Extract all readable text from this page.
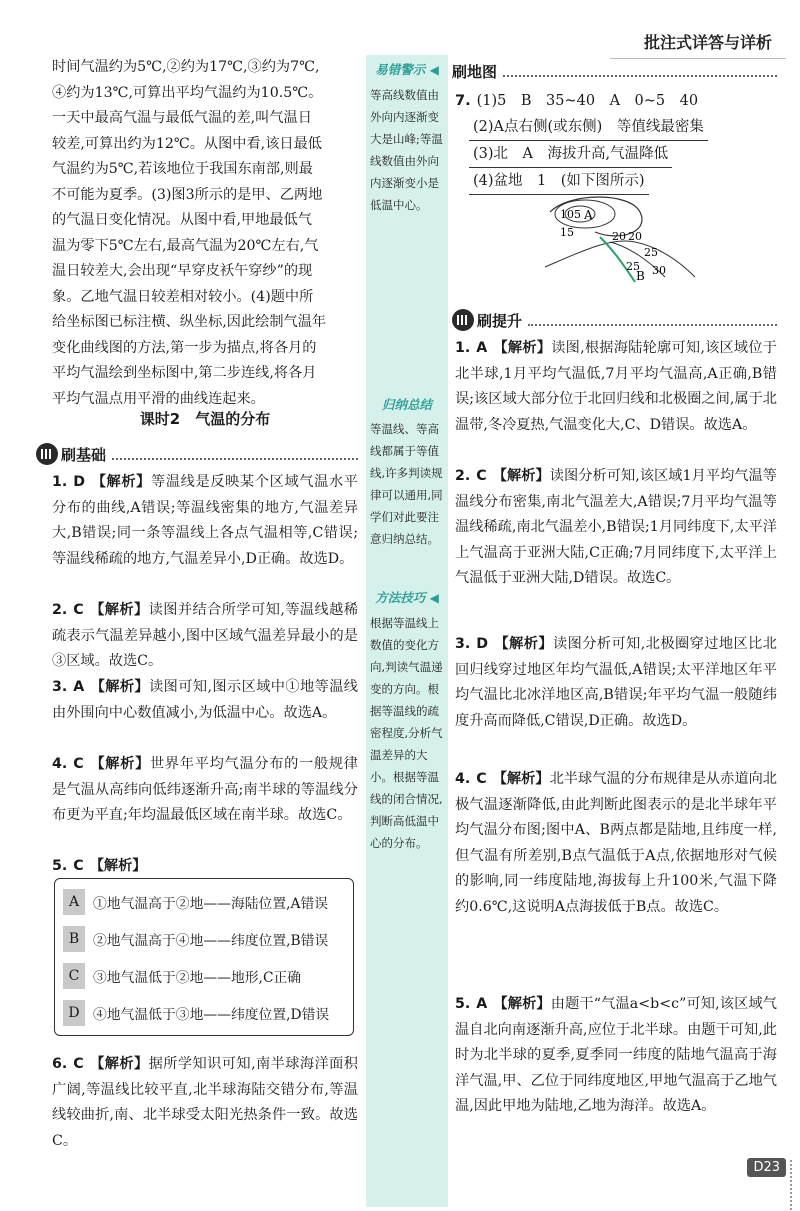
批注式详答与详析
易错警示 ◀
等高线数值由外向内逐渐变大是山峰;等温线数值由外向内逐渐变小是低温中心。
归纳总结
等温线、等高线都属于等值线,许多判读规律可以通用,同学们对此要注意归纳总结。
方法技巧 ◀
根据等温线上数值的变化方向,判读气温递变的方向。根据等温线的疏密程度,分析气温差异的大小。根据等温线的闭合情况,判断高低温中心的分布。

时间气温约为5℃,②约为17℃,③约为7℃,

④约为13℃,可算出平均气温约为10.5℃。

一天中最高气温与最低气温的差,叫气温日

较差,可算出约为12℃。从图中看,该日最低

气温约为5℃,若该地位于我国东南部,则最

不可能为夏季。(3)图3所示的是甲、乙两地

的气温日变化情况。从图中看,甲地最低气

温为零下5℃左右,最高气温为20℃左右,气

温日较差大,会出现“早穿皮袄午穿纱”的现

象。乙地气温日较差相对较小。(4)题中所

给坐标图已标注横、纵坐标,因此绘制气温年

变化曲线图的方法,第一步为描点,将各月的

平均气温绘到坐标图中,第二步连线,将各月

平均气温点用平滑的曲线连起来。

课时2　气温的分布
刷基础
1. D 【解析】等温线是反映某个区域气温水平分布的曲线,A错误;等温线密集的地方,气温差异大,B错误;同一条等温线上各点气温相等,C错误;等温线稀疏的地方,气温差异小,D正确。故选D。
2. C 【解析】读图并结合所学可知,等温线越稀疏表示气温差异越小,图中区域气温差异最小的是③区域。故选C。
3. A 【解析】读图可知,图示区域中①地等温线由外围向中心数值减小,为低温中心。故选A。
4. C 【解析】世界年平均气温分布的一般规律是气温从高纬向低纬逐渐升高;南半球的等温线分布更为平直;年均温最低区域在南半球。故选C。
5. C 【解析】
A	①地气温高于②地——海陆位置,A错误
B	②地气温高于④地——纬度位置,B错误
C ③地气温低于②地——地形,C正确
D ④地气温低于③地——纬度位置,D错误
6. C 【解析】据所学知识可知,南半球海洋面积广阔,等温线比较平直,北半球海陆交错分布,等温线较曲折,南、北半球受太阳光热条件一致。故选C。
刷地图
7. (1)5　B　35~40　A　0~5　40
(2)A点右侧(或东侧)　等值线最密集
(3)北　A　海拔升高,气温降低
(4)盆地　1　(如下图所示)
10 5 A
15	20 20
25
25
B 30
刷提升
1. A 【解析】读图,根据海陆轮廓可知,该区域位于北半球,1月平均气温低,7月平均气温高,A正确,B错误;该区域大部分位于北回归线和北极圈之间,属于北温带,冬冷夏热,气温变化大,C、D错误。故选A。
2. C 【解析】读图分析可知,该区域1月平均气温等温线分布密集,南北气温差大,A错误;7月平均气温等温线稀疏,南北气温差小,B错误;1月同纬度下,太平洋上气温高于亚洲大陆,C正确;7月同纬度下,太平洋上气温低于亚洲大陆,D错误。故选C。
3. D 【解析】读图分析可知,北极圈穿过地区比北回归线穿过地区年均气温低,A错误;太平洋地区年平均气温比北冰洋地区高,B错误;年平均气温一般随纬度升高而降低,C错误,D正确。故选D。
4. C 【解析】北半球气温的分布规律是从赤道向北极气温逐渐降低,由此判断此图表示的是北半球年平均气温分布图;图中A、B两点都是陆地,且纬度一样,但气温有所差别,B点气温低于A点,依据地形对气候的影响,同一纬度陆地,海拔每上升100米,气温下降约0.6℃,这说明A点海拔低于B点。故选C。
5. A 【解析】由题干“气温a<b<c”可知,该区域气温自北向南逐渐升高,应位于北半球。由题干可知,此时为北半球的夏季,夏季同一纬度的陆地气温高于海洋气温,甲、乙位于同纬度地区,甲地气温高于乙地气温,因此甲地为陆地,乙地为海洋。故选A。
D23
